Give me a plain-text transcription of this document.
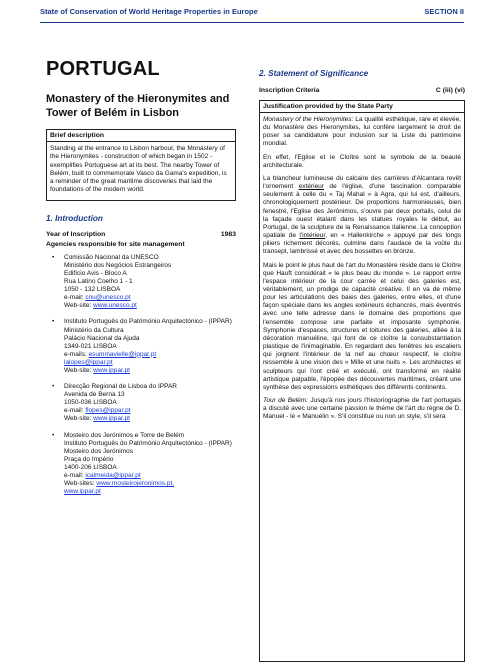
State of Conservation of World Heritage Properties in Europe	SECTION II
PORTUGAL
Monastery of the Hieronymites and Tower of Belém in Lisbon
Brief description
Standing at the entrance to Lisbon harbour, the Monastery of the Hieronymites - construction of which began in 1502 - exemplifies Portuguese art at its best. The nearby Tower of Belém, built to commemorate Vasco da Gama's expedition, is a reminder of the great maritime discoveries that laid the foundations of the modern world.
1. Introduction
Year of Inscription	1983
Agencies responsible for site management
• Comissão Nacional da UNESCO
Ministério dos Negócios Estrangeiros
Edifício Avis - Bloco A
Rua Latino Coelho 1 - 1
1050 - 132 LISBOA
e-mail: cnu@unesco.pt
Web-site: www.unesco.pt
• Instituto Português do Património Arquitectónico - (IPPAR)
Ministério da Cultura
Palácio Nacional da Ajuda
1349-021 LISBOA
e-mails: esummavielle@ippar.pt
lalopes@ippar.pt
Web-site: www.ippar.pt
• Direcção Regional de Lisboa do IPPAR
Avenida de Berna 13
1050-036 LISBOA
e-mail: flopes@ippar.pt
Web-site: www.ippar.pt
• Mosteiro dos Jerónimos e Torre de Belém
Instituto Português do Património Arquitectónico - (IPPAR)
Mosteiro dos Jerónimos
Praça do Império
1400-206 LISBOA
e-mail: icalmeida@ippar.pt
Web-sites: www.mosteirojeronimos.pt,
www.ippar.pt
2. Statement of Significance
Inscription Criteria	C (iii) (vi)
Justification provided by the State Party

Monastery of the Hieronymites: La qualité esthétique, rare et élevée, du Monastère des Hieronymites, lui confère largement le droit de poser sa candidature pour inclusion sur la Liste du patrimoine mondial.

En effet, l'Eglise et le Cloître sont le symbole de la beauté architecturale.

La blancheur lumineuse du calcaire des carrières d'Alcantara revêt l'ornement extérieur de l'église, d'une fascination comparable seulement à celle du « Taj Mahal » à Agra, qui lui est, d'ailleurs, chronologiquement postérieur. De proportions harmonieuses, bien fenestré, l'Eglise des Jerónimos, s'ouvre par deux portails, celui de la façade ouest étalant dans les statues royales le début, au Portugal, de la sculpture de la Renaissance italienne. La conception spatiale de l'intérieur, en « Hallenkirche » appuyé par des longs piliers richement décorés, culmine dans l'audace de la voûte du transept, lambrissé et avec des bossettes en bronze.

Mais le point le plus haut de l'art du Monastère réside dans le Cloître que Hauft considérait « le plus beau du monde ». Le rapport entre l'espace intérieur de la cour carrée et celui des galeries est, véritablement, un prodige de capacité créative. Il en va de même pour les articulations des baies des galeries, entre elles, et d'une façon spéciale dans les angles extérieurs échancrés, mais éventrés avec une telle adresse dans le domaine des proportions que l'ensemble compose une parfaite et imposante symphonie. Symphonie d'espaces, structures et toitures des galeries, alliée à la décoration manuéline, qui font de ce cloître la consubstantiation plastique de l'inimaginable. En regardant des fenêtres les escaliers qui joignent l'intérieur de la nef au chœur respectif, le cloître ressemble à une vision des « Mille et une nuits ». Les architectes et sculpteurs qui l'ont créé et exécuté, ont transformé en réalité artistique palpable, l'épopée des découvertes maritimes, créant une synthèse des expressions esthétiques des différents continents.

Tour de Belém: Jusqu'à nos jours l'historiographie de l'art portugais a discuté avec une certaine passion le thème de l'art du règne de D. Manuel - le « Manuélin ». S'il constitue ou non un style, s'il sera
